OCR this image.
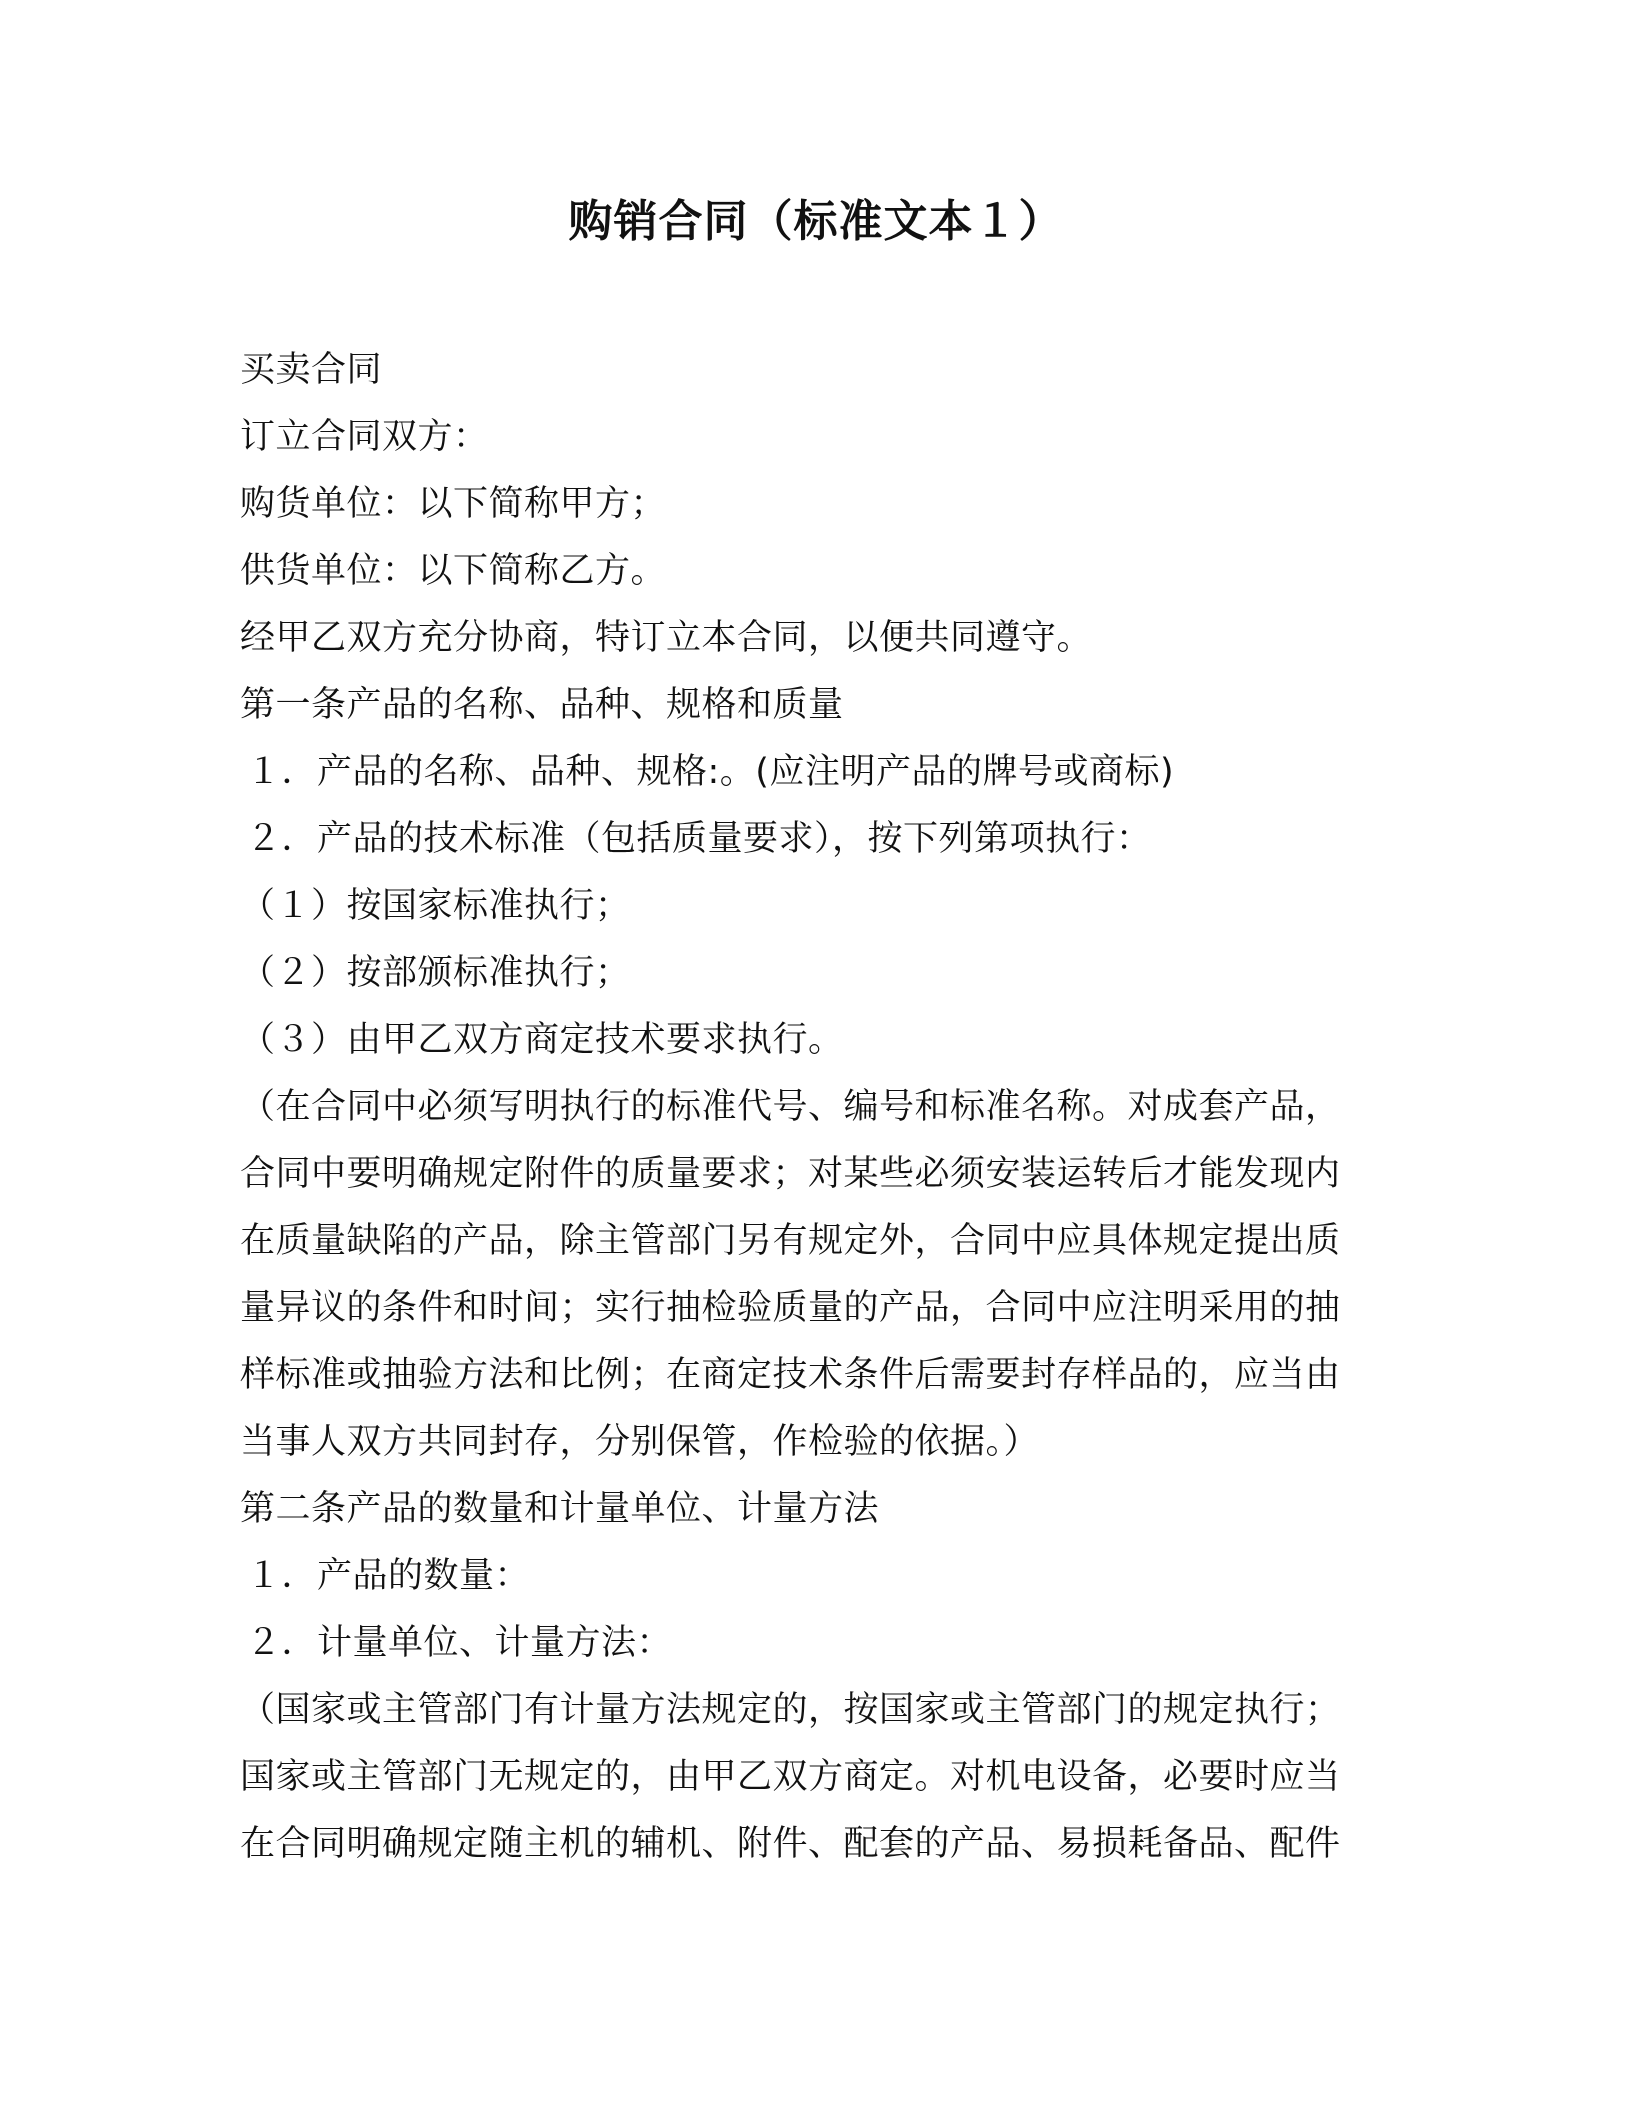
购销合同（标准文本１）
买卖合同
订立合同双方：
购货单位：以下简称甲方；
供货单位：以下简称乙方。
经甲乙双方充分协商，特订立本合同，以便共同遵守。
第一条产品的名称、品种、规格和质量
１．产品的名称、品种、规格:。(应注明产品的牌号或商标)
２．产品的技术标准（包括质量要求），按下列第项执行：
（１）按国家标准执行；
（２）按部颁标准执行；
（３）由甲乙双方商定技术要求执行。
（在合同中必须写明执行的标准代号、编号和标准名称。对成套产品，
合同中要明确规定附件的质量要求；对某些必须安装运转后才能发现内
在质量缺陷的产品，除主管部门另有规定外，合同中应具体规定提出质
量异议的条件和时间；实行抽检验质量的产品，合同中应注明采用的抽
样标准或抽验方法和比例；在商定技术条件后需要封存样品的，应当由
当事人双方共同封存，分别保管，作检验的依据。）
第二条产品的数量和计量单位、计量方法
１．产品的数量：
２．计量单位、计量方法：
（国家或主管部门有计量方法规定的，按国家或主管部门的规定执行；
国家或主管部门无规定的，由甲乙双方商定。对机电设备，必要时应当
在合同明确规定随主机的辅机、附件、配套的产品、易损耗备品、配件
